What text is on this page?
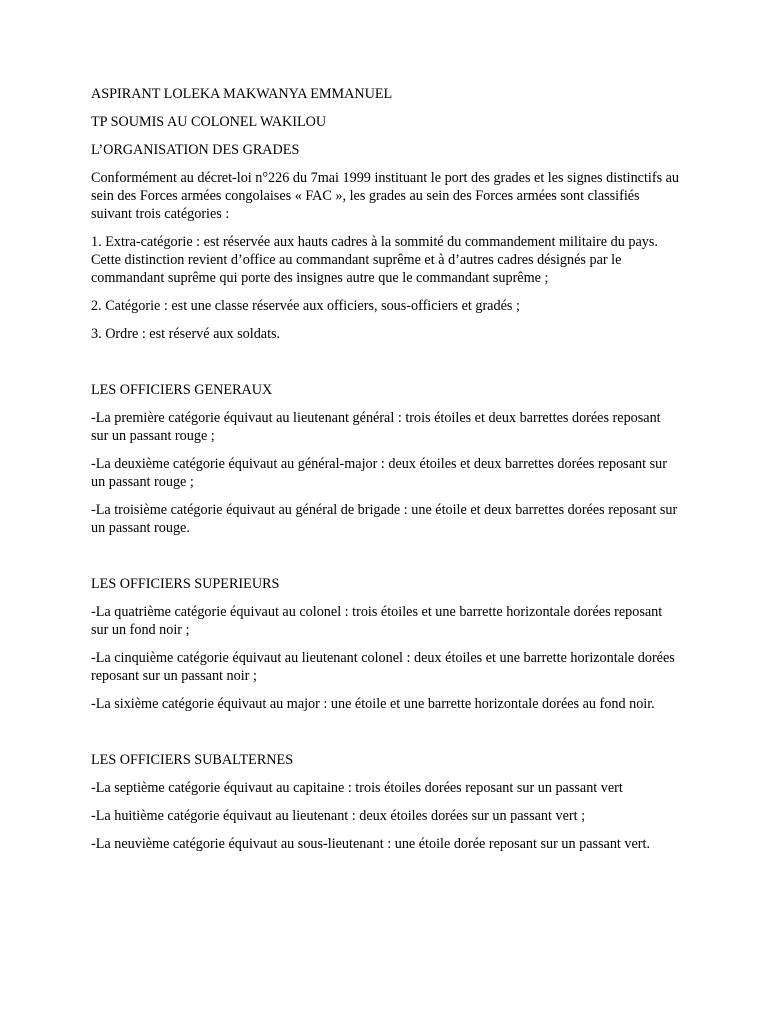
ASPIRANT LOLEKA MAKWANYA EMMANUEL

TP SOUMIS AU COLONEL WAKILOU

L’ORGANISATION DES GRADES

Conformément au décret-loi n°226 du 7mai 1999 instituant le port des grades et les signes distinctifs au sein des Forces armées congolaises « FAC », les grades au sein des Forces armées sont classifiés suivant trois catégories :

1. Extra-catégorie : est réservée aux hauts cadres à la sommité du commandement militaire du pays. Cette distinction revient d’office au commandant suprême et à d’autres cadres désignés par le commandant suprême qui porte des insignes autre que le commandant suprême ;

2. Catégorie : est une classe réservée aux officiers, sous-officiers et gradés ;

3. Ordre : est réservé aux soldats.

LES OFFICIERS GENERAUX

-La première catégorie équivaut au lieutenant général : trois étoiles et deux barrettes dorées reposant sur un passant rouge ;

-La deuxième catégorie équivaut au général-major : deux étoiles et deux barrettes dorées reposant sur un passant rouge ;

-La troisième catégorie équivaut au général de brigade : une étoile et deux barrettes dorées reposant sur un passant rouge.

LES OFFICIERS SUPERIEURS

-La quatrième catégorie équivaut au colonel : trois étoiles et une barrette horizontale dorées reposant sur un fond noir ;

-La cinquième catégorie équivaut au lieutenant colonel : deux étoiles et une barrette horizontale dorées reposant sur un passant noir ;

-La sixième catégorie équivaut au major : une étoile et une barrette horizontale dorées au fond noir.

LES OFFICIERS SUBALTERNES

-La septième catégorie équivaut au capitaine : trois étoiles dorées reposant sur un passant vert

-La huitième catégorie équivaut au lieutenant : deux étoiles dorées sur un passant vert ;

-La neuvième catégorie équivaut au sous-lieutenant : une étoile dorée reposant sur un passant vert.
